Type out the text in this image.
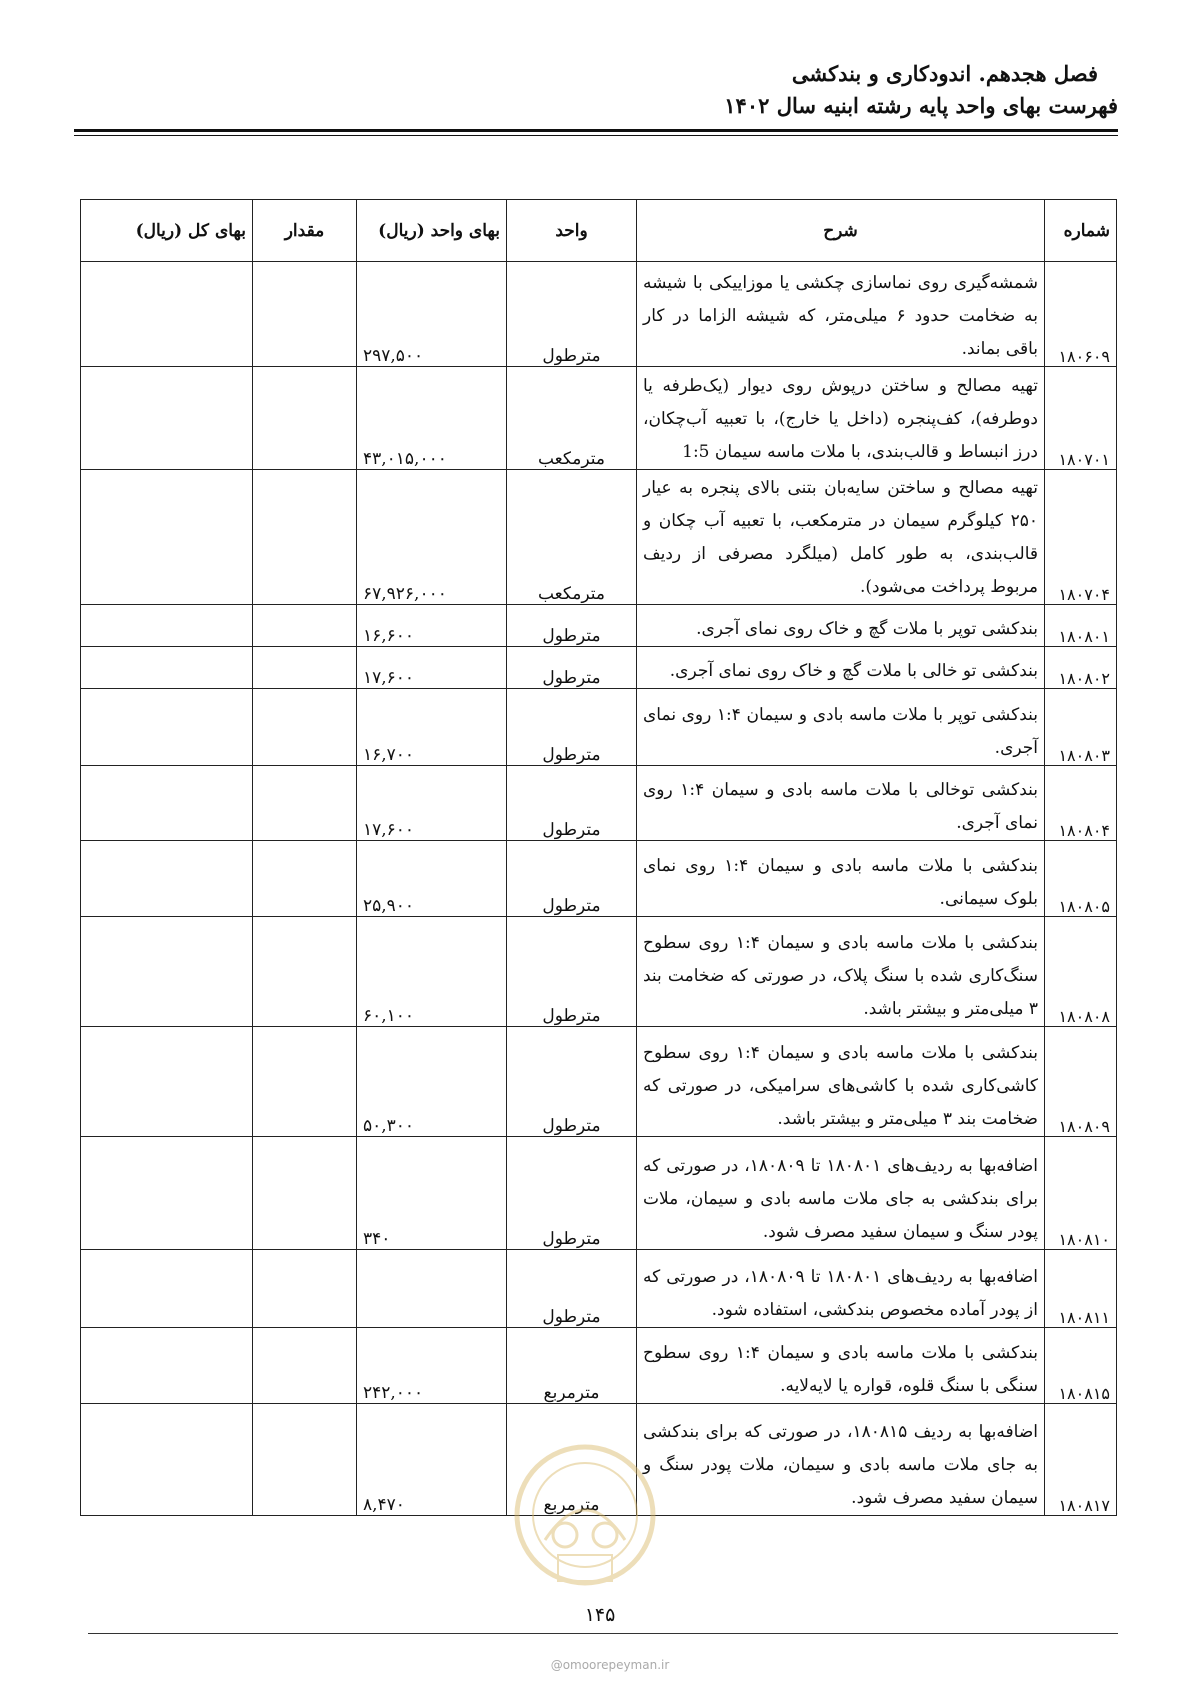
فصل هجدهم. اندودکاری و بندکشی
فهرست بهای واحد پایه رشته ابنیه سال ۱۴۰۲
شماره	شرح	واحد	بهای واحد (ریال)	مقدار	بهای کل (ریال)
۱۸۰۶۰۹	شمشه‌گیری روی نماسازی چکشی یا موزاییکی با شیشه به ضخامت حدود ۶ میلی‌متر، که شیشه الزاما در کار باقی بماند.	مترطول	۲۹۷,۵۰۰		
۱۸۰۷۰۱	تهیه مصالح و ساختن درپوش روی دیوار (یک‌طرفه یا دوطرفه)، کف‌پنجره (داخل یا خارج)، با تعبیه آب‌چکان، درز انبساط و قالب‌بندی، با ملات ماسه سیمان 1:5	مترمکعب	۴۳,۰۱۵,۰۰۰		
۱۸۰۷۰۴	تهیه مصالح و ساختن سایه‌بان بتنی بالای پنجره به عیار ۲۵۰ کیلوگرم سیمان در مترمکعب، با تعبیه آب چکان و قالب‌بندی، به طور کامل (میلگرد مصرفی از ردیف مربوط پرداخت می‌شود).	مترمکعب	۶۷,۹۲۶,۰۰۰		
۱۸۰۸۰۱	بندکشی توپر با ملات گچ و خاک روی نمای آجری.	مترطول	۱۶,۶۰۰		
۱۸۰۸۰۲	بندکشی تو خالی با ملات گچ و خاک روی نمای آجری.	مترطول	۱۷,۶۰۰		
۱۸۰۸۰۳	بندکشی توپر با ملات ماسه بادی و سیمان ۱:۴ روی نمای آجری.	مترطول	۱۶,۷۰۰		
۱۸۰۸۰۴	بندکشی توخالی با ملات ماسه بادی و سیمان ۱:۴ روی نمای آجری.	مترطول	۱۷,۶۰۰		
۱۸۰۸۰۵	بندکشی با ملات ماسه بادی و سیمان ۱:۴ روی نمای بلوک سیمانی.	مترطول	۲۵,۹۰۰		
۱۸۰۸۰۸	بندکشی با ملات ماسه بادی و سیمان ۱:۴ روی سطوح سنگ‌کاری شده با سنگ پلاک، در صورتی که ضخامت بند ۳ میلی‌متر و بیشتر باشد.	مترطول	۶۰,۱۰۰		
۱۸۰۸۰۹	بندکشی با ملات ماسه بادی و سیمان ۱:۴ روی سطوح کاشی‌کاری شده با کاشی‌های سرامیکی، در صورتی که ضخامت بند ۳ میلی‌متر و بیشتر باشد.	مترطول	۵۰,۳۰۰		
۱۸۰۸۱۰	اضافه‌بها به ردیف‌های ۱۸۰۸۰۱ تا ۱۸۰۸۰۹، در صورتی که برای بندکشی به جای ملات ماسه بادی و سیمان، ملات پودر سنگ و سیمان سفید مصرف شود.	مترطول	۳۴۰		
۱۸۰۸۱۱	اضافه‌بها به ردیف‌های ۱۸۰۸۰۱ تا ۱۸۰۸۰۹، در صورتی که از پودر آماده مخصوص بندکشی، استفاده شود.	مترطول			
۱۸۰۸۱۵	بندکشی با ملات ماسه بادی و سیمان ۱:۴ روی سطوح سنگی با سنگ قلوه، قواره یا لایه‌لایه.	مترمربع	۲۴۲,۰۰۰		
۱۸۰۸۱۷	اضافه‌بها به ردیف ۱۸۰۸۱۵، در صورتی که برای بندکشی به جای ملات ماسه بادی و سیمان، ملات پودر سنگ و سیمان سفید مصرف شود.	مترمربع	۸,۴۷۰		
۱۴۵
@omoorepeyman.ir
